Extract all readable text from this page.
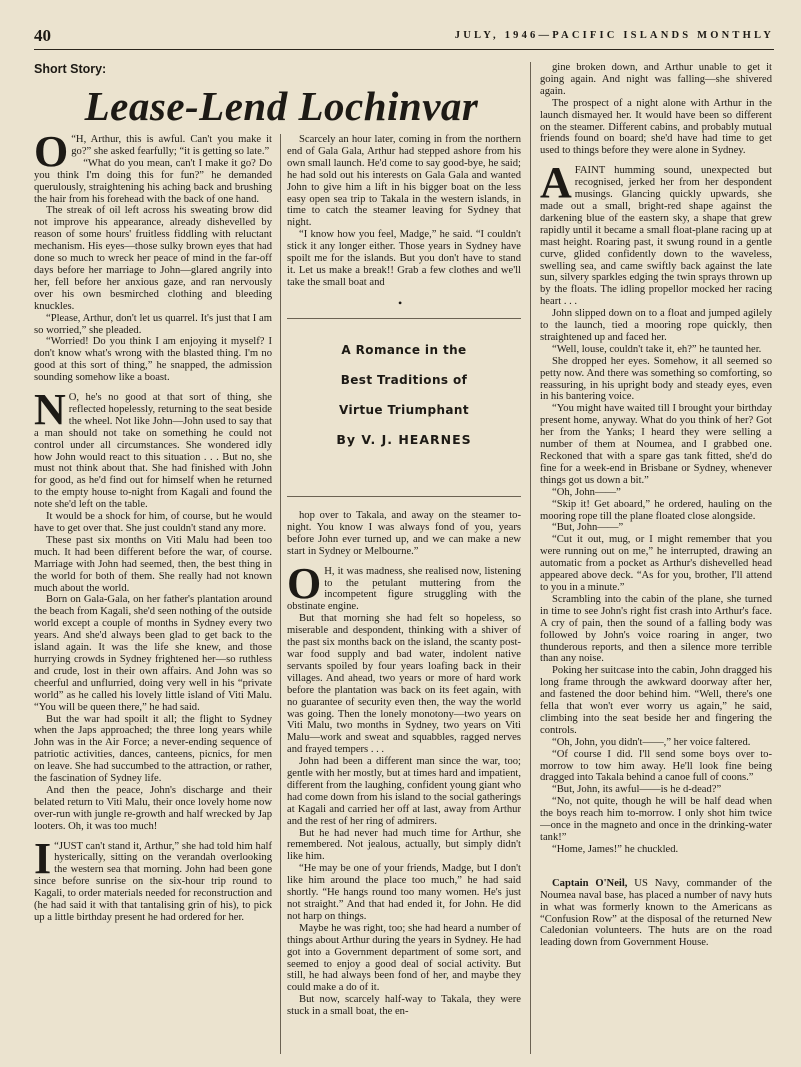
40	JULY, 1946—PACIFIC ISLANDS MONTHLY
Short Story:
Lease-Lend Lochinvar

O “H, Arthur, this is awful. Can't you make it go?” she asked fearfully; “it is getting so late.”

“What do you mean, can't I make it go? Do you think I'm doing this for fun?” he demanded querulously, straightening his aching back and brushing the hair from his forehead with the back of one hand.

The streak of oil left across his sweating brow did not improve his appearance, already dishevelled by reason of some hours' fruitless fiddling with reluctant mechanism. His eyes—those sulky brown eyes that had done so much to wreck her peace of mind in the far-off days before her marriage to John—glared angrily into her, fell before her anxious gaze, and ran nervously over his own besmirched clothing and bleeding knuckles.

“Please, Arthur, don't let us quarrel. It's just that I am so worried,” she pleaded.

“Worried! Do you think I am enjoying it myself? I don't know what's wrong with the blasted thing. I'm no good at this sort of thing,” he snapped, the admission sounding somehow like a boast.

N O, he's no good at that sort of thing, she reflected hopelessly, returning to the seat beside the wheel. Not like John—John used to say that a man should not take on something he could not control under all circumstances. She wondered idly how John would react to this situation . . . But no, she must not think about that. She had finished with John for good, as he'd find out for himself when he returned to the empty house to-night from Kagali and found the note she'd left on the table.

It would be a shock for him, of course, but he would have to get over that. She just couldn't stand any more.

These past six months on Viti Malu had been too much. It had been different before the war, of course. Marriage with John had seemed, then, the best thing in the world for both of them. She really had not known much about the world.

Born on Gala-Gala, on her father's plantation around the beach from Kagali, she'd seen nothing of the outside world except a couple of months in Sydney every two years. And she'd always been glad to get back to the island again. It was the life she knew, and those hurrying crowds in Sydney frightened her—so ruthless and crude, lost in their own affairs. And John was so cheerful and unflurried, doing very well in his “private world” as he called his lovely little island of Viti Malu. “You will be queen there,” he had said.

But the war had spoilt it all; the flight to Sydney when the Japs approached; the three long years while John was in the Air Force; a never-ending sequence of patriotic activities, dances, canteens, picnics, for men on leave. She had succumbed to the attraction, or rather, the fascination of Sydney life.

And then the peace, John's discharge and their belated return to Viti Malu, their once lovely home now over-run with jungle re-growth and half wrecked by Jap looters. Oh, it was too much!

I “JUST can't stand it, Arthur,” she had told him half hysterically, sitting on the verandah overlooking the western sea that morning. John had been gone since before sunrise on the six-hour trip round to Kagali, to order materials needed for reconstruction and (he had said it with that tantalising grin of his), to pick up a little birthday present he had ordered for her.

Scarcely an hour later, coming in from the northern end of Gala Gala, Arthur had stepped ashore from his own small launch. He'd come to say good-bye, he said; he had sold out his interests on Gala Gala and wanted John to give him a lift in his bigger boat on the less easy open sea trip to Takala in the western islands, in time to catch the steamer leaving for Sydney that night.

“I know how you feel, Madge,” he said. “I couldn't stick it any longer either. Those years in Sydney have spoilt me for the islands. But you don't have to stand it. Let us make a break!! Grab a few clothes and we'll take the small boat and

•
A Romance in the
Best Traditions of
Virtue Triumphant
By V. J. HEARNES

hop over to Takala, and away on the steamer to-night. You know I was always fond of you, years before John ever turned up, and we can make a new start in Sydney or Melbourne.”

O H, it was madness, she realised now, listening to the petulant muttering from the incompetent figure struggling with the obstinate engine.

But that morning she had felt so hopeless, so miserable and despondent, thinking with a shiver of the past six months back on the island, the scanty post-war food supply and bad water, indolent native servants spoiled by four years loafing back in their villages. And ahead, two years or more of hard work before the plantation was back on its feet again, with no guarantee of security even then, the way the world was going. Then the lonely monotony—two years on Viti Malu, two months in Sydney, two years on Viti Malu—work and sweat and squabbles, ragged nerves and frayed tempers . . .

John had been a different man since the war, too; gentle with her mostly, but at times hard and impatient, different from the laughing, confident young giant who had come down from his island to the social gatherings at Kagali and carried her off at last, away from Arthur and the rest of her ring of admirers.

But he had never had much time for Arthur, she remembered. Not jealous, actually, but simply didn't like him.

“He may be one of your friends, Madge, but I don't like him around the place too much,” he had said shortly. “He hangs round too many women. He's just not straight.” And that had ended it, for John. He did not harp on things.

Maybe he was right, too; she had heard a number of things about Arthur during the years in Sydney. He had got into a Government department of some sort, and seemed to enjoy a good deal of social activity. But still, he had always been fond of her, and maybe they could make a do of it.

But now, scarcely half-way to Takala, they were stuck in a small boat, the en-

gine broken down, and Arthur unable to get it going again. And night was falling—she shivered again.

The prospect of a night alone with Arthur in the launch dismayed her. It would have been so different on the steamer. Different cabins, and probably mutual friends found on board; she'd have had time to get used to things before they were alone in Sydney.

AFAINT humming sound, unexpected but recognised, jerked her from her despondent musings. Glancing quickly upwards, she made out a small, bright-red shape against the darkening blue of the eastern sky, a shape that grew rapidly until it became a small float-plane racing up at mast height. Roaring past, it swung round in a gentle curve, glided confidently down to the waveless, swelling sea, and came swiftly back against the late sun, silvery sparkles edging the twin sprays thrown up by the floats. The idling propellor mocked her racing heart . . .

John slipped down on to a float and jumped agilely to the launch, tied a mooring rope quickly, then straightened up and faced her.

“Well, louse, couldn't take it, eh?” he taunted her.

She dropped her eyes. Somehow, it all seemed so petty now. And there was something so comforting, so reassuring, in his upright body and steady eyes, even in his bantering voice.

“You might have waited till I brought your birthday present home, anyway. What do you think of her? Got her from the Yanks; I heard they were selling a number of them at Noumea, and I grabbed one. Reckoned that with a spare gas tank fitted, she'd do fine for a week-end in Brisbane or Sydney, whenever things got us down a bit.”

“Oh, John——”

“Skip it! Get aboard,” he ordered, hauling on the mooring rope till the plane floated close alongside.

“But, John——”

“Cut it out, mug, or I might remember that you were running out on me,” he interrupted, drawing an automatic from a pocket as Arthur's dishevelled head appeared above deck. “As for you, brother, I'll attend to you in a minute.”

Scrambling into the cabin of the plane, she turned in time to see John's right fist crash into Arthur's face. A cry of pain, then the sound of a falling body was followed by John's voice roaring in anger, two thunderous reports, and then a silence more terrible than any noise.

Poking her suitcase into the cabin, John dragged his long frame through the awkward doorway after her, and fastened the door behind him. “Well, there's one fella that won't ever worry us again,” he said, climbing into the seat beside her and fingering the controls.

“Oh, John, you didn't——,” her voice faltered.

“Of course I did. I'll send some boys over to-morrow to tow him away. He'll look fine being dragged into Takala behind a canoe full of coons.”

“But, John, its awful——is he d-dead?”

“No, not quite, though he will be half dead when the boys reach him to-morrow. I only shot him twice—once in the magneto and once in the drinking-water tank!”

“Home, James!” he chuckled.

Captain O'Neil, US Navy, commander of the Noumea naval base, has placed a number of navy huts in what was formerly known to the Americans as “Confusion Row” at the disposal of the returned New Caledonian volunteers. The huts are on the road leading down from Government House.
